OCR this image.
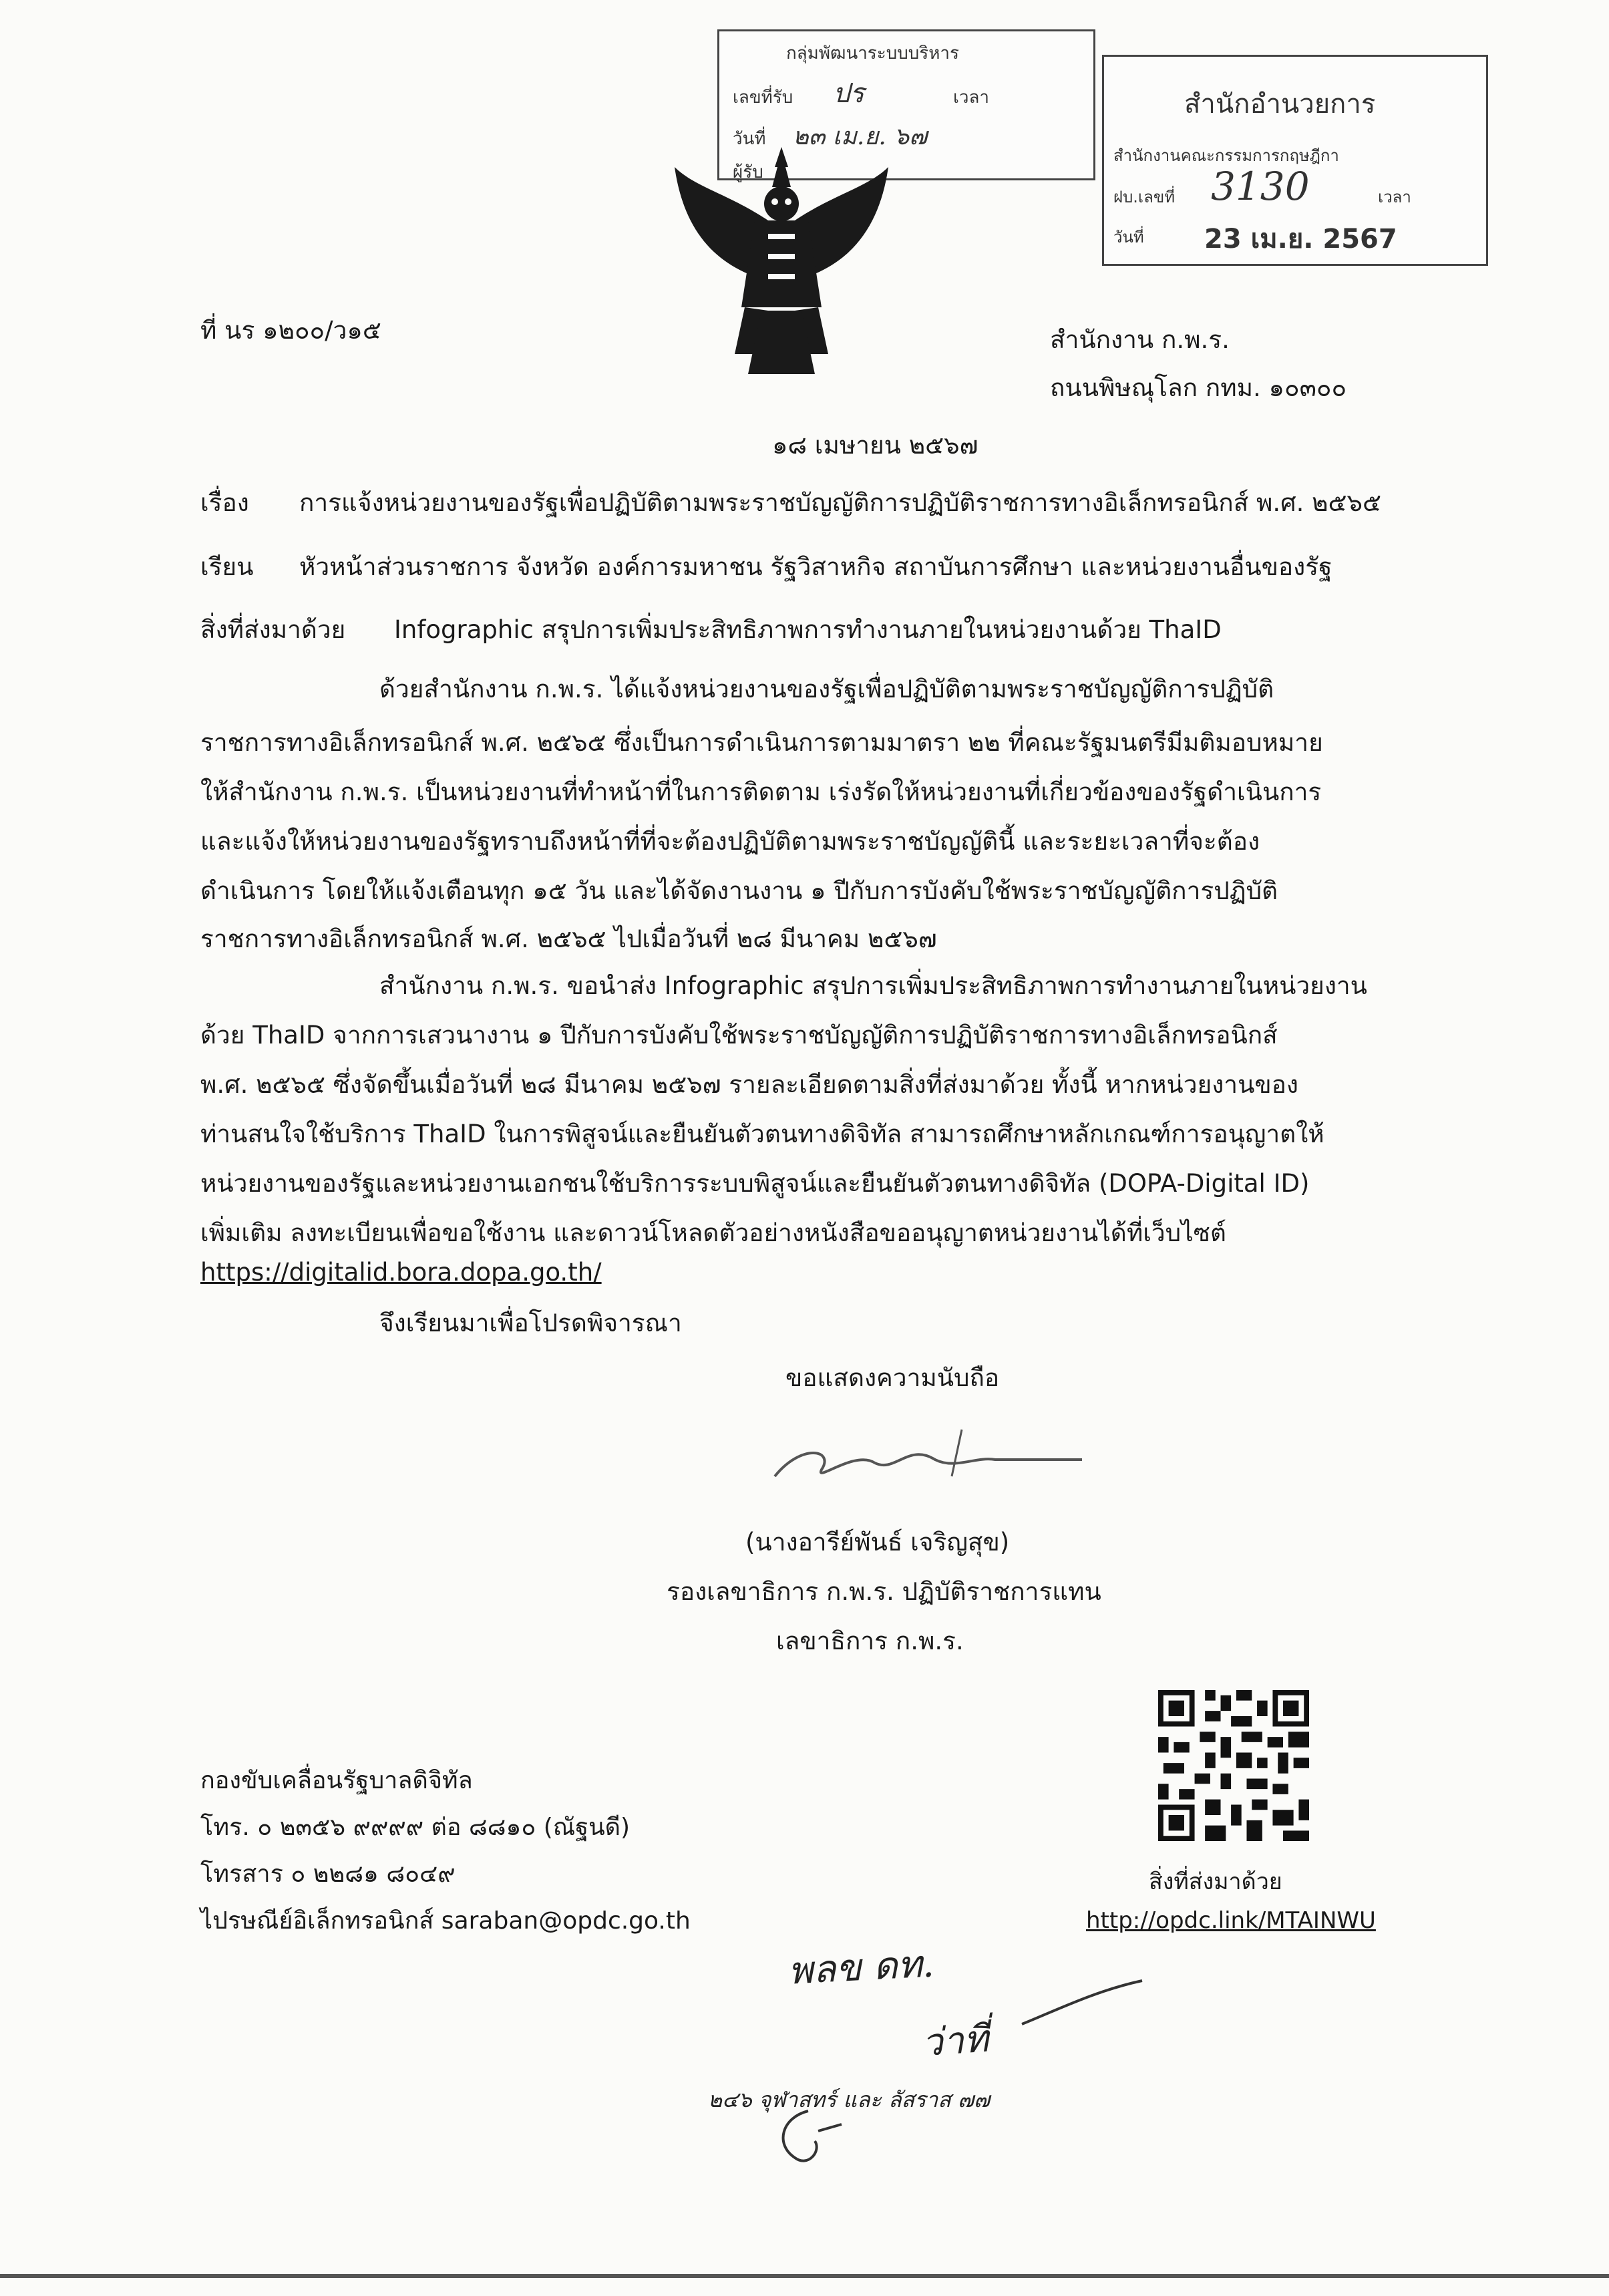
กลุ่มพัฒนาระบบบริหาร
เลขที่รับ ปร	เวลา
วันที่ ๒๓ เม.ย. ๖๗
ผู้รับ
สำนักอำนวยการ
สำนักงานคณะกรรมการกฤษฎีกา
ฝบ.เลขที่ 3130	เวลา
วันที่ 23 เม.ย. 2567
ที่ นร ๑๒๐๐/ว๑๕	สำนักงาน ก.พ.ร.
ถนนพิษณุโลก กทม. ๑๐๓๐๐
๑๘ เมษายน ๒๕๖๗
เรื่อง การแจ้งหน่วยงานของรัฐเพื่อปฏิบัติตามพระราชบัญญัติการปฏิบัติราชการทางอิเล็กทรอนิกส์ พ.ศ. ๒๕๖๕
เรียน หัวหน้าส่วนราชการ จังหวัด องค์การมหาชน รัฐวิสาหกิจ สถาบันการศึกษา และหน่วยงานอื่นของรัฐ
สิ่งที่ส่งมาด้วย Infographic สรุปการเพิ่มประสิทธิภาพการทำงานภายในหน่วยงานด้วย ThaID
ด้วยสำนักงาน ก.พ.ร. ได้แจ้งหน่วยงานของรัฐเพื่อปฏิบัติตามพระราชบัญญัติการปฏิบัติ
ราชการทางอิเล็กทรอนิกส์ พ.ศ. ๒๕๖๕ ซึ่งเป็นการดำเนินการตามมาตรา ๒๒ ที่คณะรัฐมนตรีมีมติมอบหมาย
ให้สำนักงาน ก.พ.ร. เป็นหน่วยงานที่ทำหน้าที่ในการติดตาม เร่งรัดให้หน่วยงานที่เกี่ยวข้องของรัฐดำเนินการ
และแจ้งให้หน่วยงานของรัฐทราบถึงหน้าที่ที่จะต้องปฏิบัติตามพระราชบัญญัตินี้ และระยะเวลาที่จะต้อง
ดำเนินการ โดยให้แจ้งเตือนทุก ๑๕ วัน และได้จัดงานงาน ๑ ปีกับการบังคับใช้พระราชบัญญัติการปฏิบัติ
ราชการทางอิเล็กทรอนิกส์ พ.ศ. ๒๕๖๕ ไปเมื่อวันที่ ๒๘ มีนาคม ๒๕๖๗
สำนักงาน ก.พ.ร. ขอนำส่ง Infographic สรุปการเพิ่มประสิทธิภาพการทำงานภายในหน่วยงาน
ด้วย ThaID จากการเสวนางาน ๑ ปีกับการบังคับใช้พระราชบัญญัติการปฏิบัติราชการทางอิเล็กทรอนิกส์
พ.ศ. ๒๕๖๕ ซึ่งจัดขึ้นเมื่อวันที่ ๒๘ มีนาคม ๒๕๖๗ รายละเอียดตามสิ่งที่ส่งมาด้วย ทั้งนี้ หากหน่วยงานของ
ท่านสนใจใช้บริการ ThaID ในการพิสูจน์และยืนยันตัวตนทางดิจิทัล สามารถศึกษาหลักเกณฑ์การอนุญาตให้
หน่วยงานของรัฐและหน่วยงานเอกชนใช้บริการระบบพิสูจน์และยืนยันตัวตนทางดิจิทัล (DOPA-Digital ID)
เพิ่มเติม ลงทะเบียนเพื่อขอใช้งาน และดาวน์โหลดตัวอย่างหนังสือขออนุญาตหน่วยงานได้ที่เว็บไซต์
https://digitalid.bora.dopa.go.th/
จึงเรียนมาเพื่อโปรดพิจารณา
ขอแสดงความนับถือ
(นางอารีย์พันธ์ เจริญสุข)
รองเลขาธิการ ก.พ.ร. ปฏิบัติราชการแทน
เลขาธิการ ก.พ.ร.
สิ่งที่ส่งมาด้วย
http://opdc.link/MTAINWU
กองขับเคลื่อนรัฐบาลดิจิทัล
โทร. ๐ ๒๓๕๖ ๙๙๙๙ ต่อ ๘๘๑๐ (ณัฐนดี)
โทรสาร ๐ ๒๒๘๑ ๘๐๔๙
ไปรษณีย์อิเล็กทรอนิกส์ saraban@opdc.go.th
พลข ดท.
ว่าที่
๒๔๖ จุฬาสทร์ และ ลัสราส ๗๗
